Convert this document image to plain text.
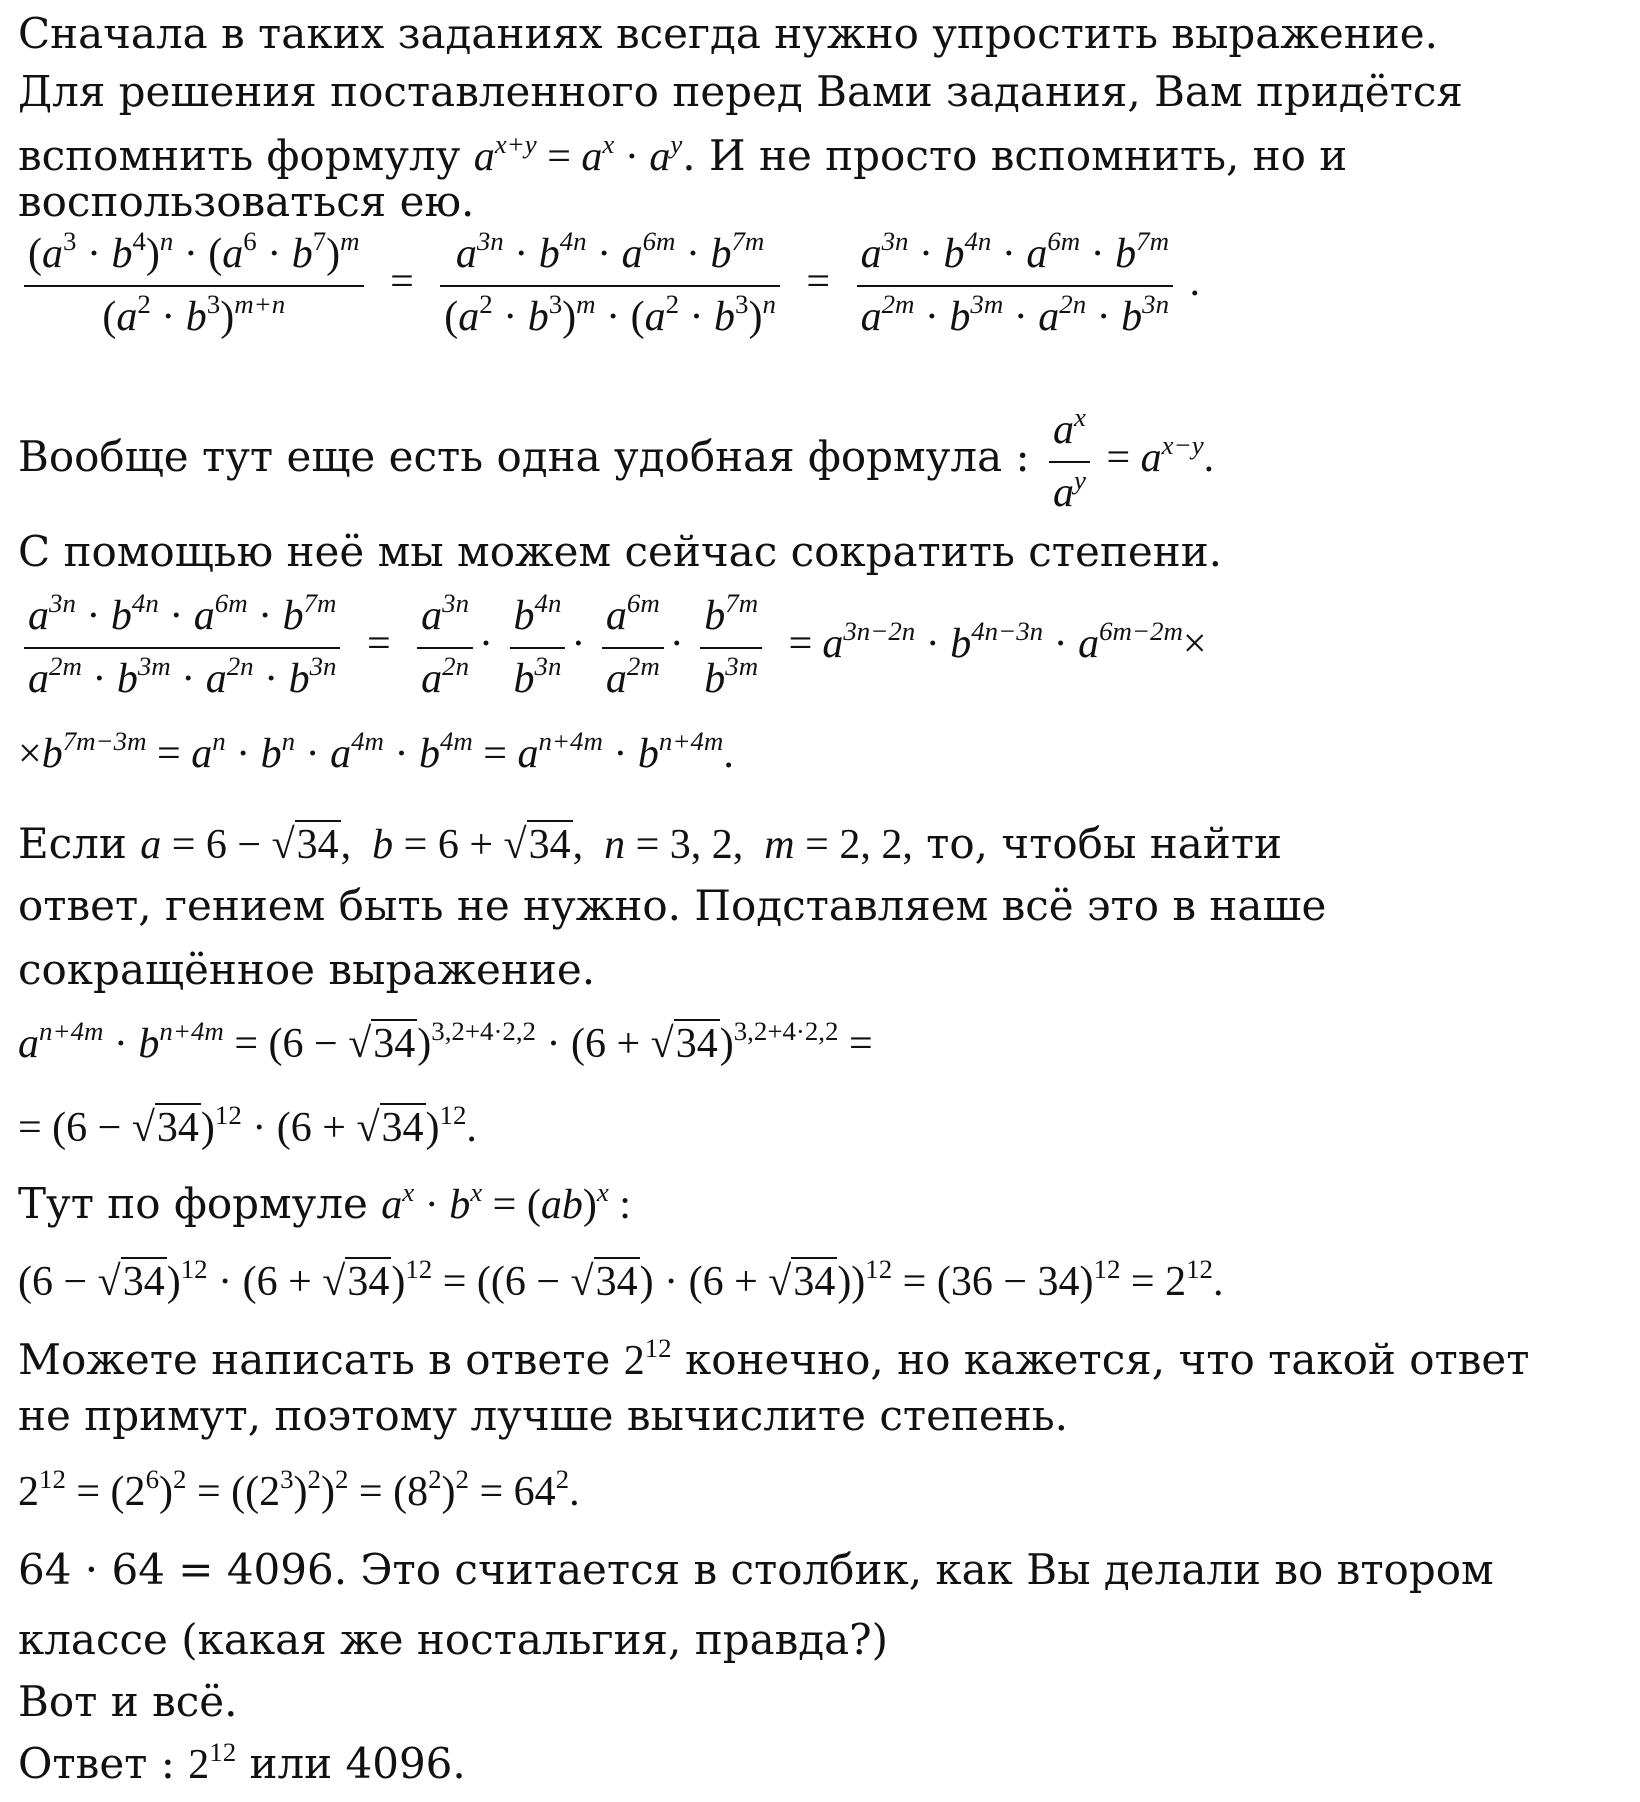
Сначала в таких заданиях всегда нужно упростить выражение.
Для решения поставленного перед Вами задания, Вам придётся
вспомнить формулу $a^{x+y} = a^x \cdot a^y$. И не просто вспомнить, но и
воспользоваться ею.
$\frac{(a^3 \cdot b^4)^n \cdot (a^6 \cdot b^7)^m}{(a^2 \cdot b^3)^{m+n}} = \frac{a^{3n} \cdot b^{4n} \cdot a^{6m} \cdot b^{7m}}{(a^2 \cdot b^3)^m \cdot (a^2 \cdot b^3)^n} = \frac{a^{3n} \cdot b^{4n} \cdot a^{6m} \cdot b^{7m}}{a^{2m} \cdot b^{3m} \cdot a^{2n} \cdot b^{3n}}$ .
Вообще тут еще есть одна удобная формула : $\frac{a^x}{a^y} = a^{x-y}$.
С помощью неё мы можем сейчас сократить степени.
$\frac{a^{3n} \cdot b^{4n} \cdot a^{6m} \cdot b^{7m}}{a^{2m} \cdot b^{3m} \cdot a^{2n} \cdot b^{3n}} = \frac{a^{3n}}{a^{2n}} \cdot \frac{b^{4n}}{b^{3n}} \cdot \frac{a^{6m}}{a^{2m}} \cdot \frac{b^{7m}}{b^{3m}} = a^{3n-2n} \cdot b^{4n-3n} \cdot a^{6m-2m}\times$
$\times b^{7m-3m} = a^n \cdot b^n \cdot a^{4m} \cdot b^{4m} = a^{n+4m} \cdot b^{n+4m}$.
Если a = 6 − √34,  b = 6 + √34,  n = 3, 2,  m = 2, 2, то, чтобы найти
ответ, гением быть не нужно. Подставляем всё это в наше
сокращённое выражение.
$a^{n+4m} \cdot b^{n+4m} = (6 - √34)^{3,2+4\cdot 2,2} \cdot (6 + √34)^{3,2+4\cdot 2,2}$ =
= $(6 - √34)^{12} \cdot (6 + √34)^{12}$.
Тут по формуле $a^x \cdot b^x = (ab)^x$ :
$(6 - √34)^{12} \cdot (6 + √34)^{12} = ((6 - √34) \cdot (6 + √34))^{12} = (36 - 34)^{12} = 2^{12}$.
Можете написать в ответе $2^{12}$ конечно, но кажется, что такой ответ
не примут, поэтому лучше вычислите степень.
$2^{12} = (2^6)^2 = ((2^3)^2)^2 = (8^2)^2 = 64^2$.
64 · 64 = 4096. Это считается в столбик, как Вы делали во втором
классе (какая же ностальгия, правда?)
Вот и всё.
Ответ : $2^{12}$ или 4096.
